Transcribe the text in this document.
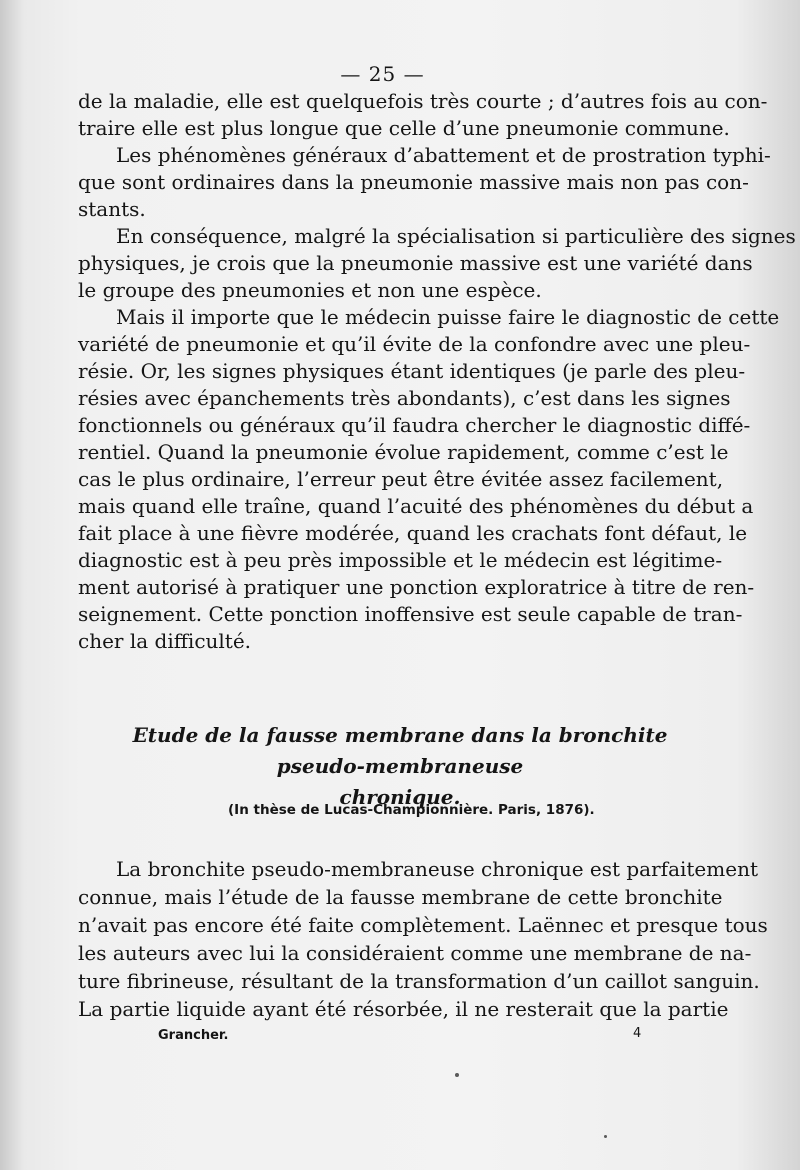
— 25 —
de la maladie, elle est quelquefois très courte ; d’autres fois au con-
traire elle est plus longue que celle d’une pneumonie commune.
Les phénomènes généraux d’abattement et de prostration typhi-
que sont ordinaires dans la pneumonie massive mais non pas con-
stants.
En conséquence, malgré la spécialisation si particulière des signes
physiques, je crois que la pneumonie massive est une variété dans
le groupe des pneumonies et non une espèce.
Mais il importe que le médecin puisse faire le diagnostic de cette
variété de pneumonie et qu’il évite de la confondre avec une pleu-
résie. Or, les signes physiques étant identiques (je parle des pleu-
résies avec épanchements très abondants), c’est dans les signes
fonctionnels ou généraux qu’il faudra chercher le diagnostic diffé-
rentiel. Quand la pneumonie évolue rapidement, comme c’est le
cas le plus ordinaire, l’erreur peut être évitée assez facilement,
mais quand elle traîne, quand l’acuité des phénomènes du début a
fait place à une fièvre modérée, quand les crachats font défaut, le
diagnostic est à peu près impossible et le médecin est légitime-
ment autorisé à pratiquer une ponction exploratrice à titre de ren-
seignement. Cette ponction inoffensive est seule capable de tran-
cher la difficulté.
Etude de la fausse membrane dans la bronchite pseudo-membraneuse
chronique.
(In thèse de Lucas-Championnière. Paris, 1876).
La bronchite pseudo-membraneuse chronique est parfaitement
connue, mais l’étude de la fausse membrane de cette bronchite
n’avait pas encore été faite complètement. Laënnec et presque tous
les auteurs avec lui la considéraient comme une membrane de na-
ture fibrineuse, résultant de la transformation d’un caillot sanguin.
La partie liquide ayant été résorbée, il ne resterait que la partie
Grancher.	4
